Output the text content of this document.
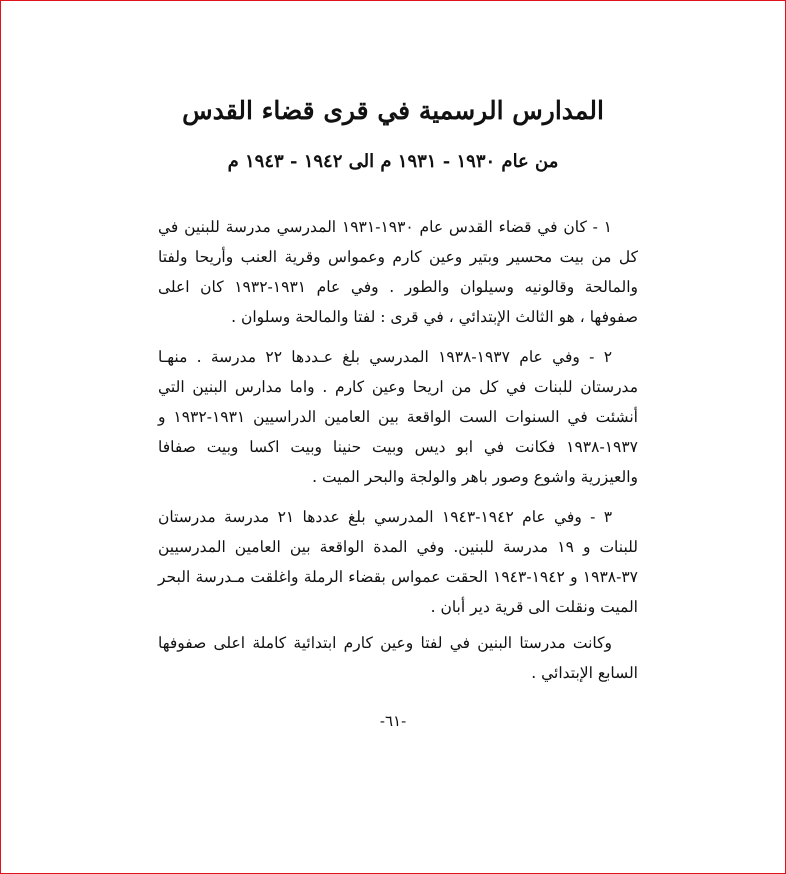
المدارس الرسمية في قرى قضاء القدس
من عام ١٩٣٠ - ١٩٣١ م الى ١٩٤٢ - ١٩٤٣ م

١ - كان في قضاء القدس عام ١٩٣٠-١٩٣١ المدرسي مدرسة للبنين في كل من بيت محسير وبتير وعين كارم وعمواس وقرية العنب وأريحا ولفتا والمالحة وقالونيه وسيلوان والطور . وفي عام ١٩٣١-١٩٣٢ كان اعلى صفوفها ، هو الثالث الإبتدائي ، في قرى : لفتا والمالحة وسلوان .

٢ - وفي عام ١٩٣٧-١٩٣٨ المدرسي بلغ عـددها ٢٢ مدرسة . منهـا مدرستان للبنات في كل من اريحا وعين كارم . واما مدارس البنين التي أنشئت في السنوات الست الواقعة بين العامين الدراسيين ١٩٣١-١٩٣٢ و ١٩٣٧-١٩٣٨ فكانت في ابو ديس وبيت حنينا وبيت اكسا وبيت صفافا والعيزرية واشوع وصور باهر والولجة والبحر الميت .

٣ - وفي عام ١٩٤٢-١٩٤٣ المدرسي بلغ عددها ٢١ مدرسة مدرستان للبنات و ١٩ مدرسة للبنين. وفي المدة الواقعة بين العامين المدرسيين ٣٧-١٩٣٨ و ١٩٤٢-١٩٤٣ الحقت عمواس بقضاء الرملة واغلقت مـدرسة البحر الميت ونقلت الى قرية دير أبان .

وكانت مدرستا البنين في لفتا وعين كارم ابتدائية كاملة اعلى صفوفها السابع الإبتدائي .

-٦١-
